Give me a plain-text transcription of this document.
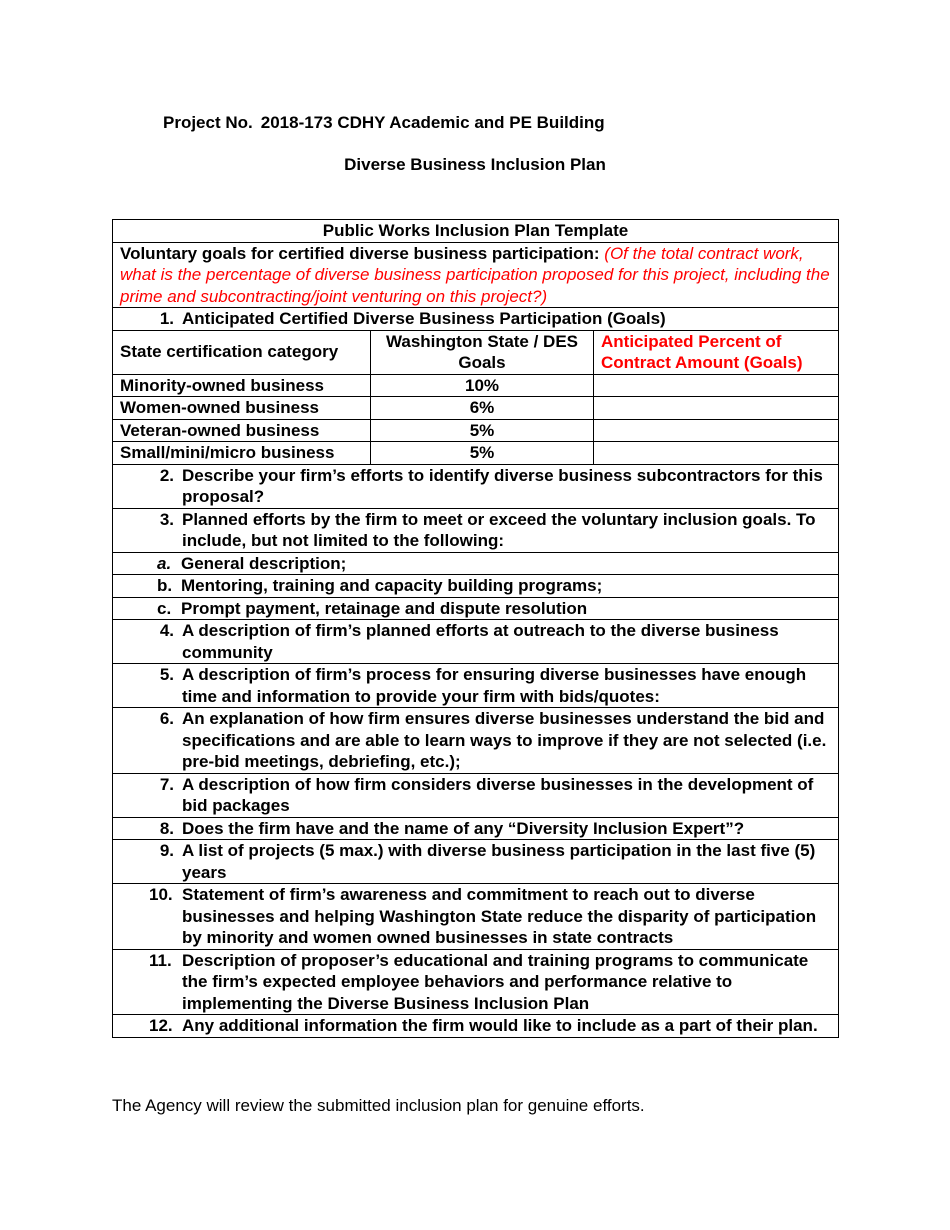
Project No. 2018-173 CDHY Academic and PE Building
Diverse Business Inclusion Plan
Public Works Inclusion Plan Template		
Voluntary goals for certified diverse business participation: (Of the total contract work, what is the percentage of diverse business participation proposed for this project, including the prime and subcontracting/joint venturing on this project?)		

1. Anticipated Certified Diverse Business Participation (Goals)		

State certification category	Washington State / DES Goals	Anticipated Percent of Contract Amount (Goals)
Minority-owned business	10%	
Women-owned business	6%	
Veteran-owned business	5%	
Small/mini/micro business	5%	

2. Describe your firm’s efforts to identify diverse business subcontractors for this proposal?		

3. Planned efforts by the firm to meet or exceed the voluntary inclusion goals. To include, but not limited to the following:		

a. General description;		

b. Mentoring, training and capacity building programs;		

c. Prompt payment, retainage and dispute resolution		

4. A description of firm’s planned efforts at outreach to the diverse business community		

5. A description of firm’s process for ensuring diverse businesses have enough time and information to provide your firm with bids/quotes:		

6. An explanation of how firm ensures diverse businesses understand the bid and specifications and are able to learn ways to improve if they are not selected (i.e. pre-bid meetings, debriefing, etc.);		

7. A description of how firm considers diverse businesses in the development of bid packages		

8. Does the firm have and the name of any “Diversity Inclusion Expert”?		

9. A list of projects (5 max.) with diverse business participation in the last five (5) years		

10. Statement of firm’s awareness and commitment to reach out to diverse businesses and helping Washington State reduce the disparity of participation by minority and women owned businesses in state contracts		

11. Description of proposer’s educational and training programs to communicate the firm’s expected employee behaviors and performance relative to implementing the Diverse Business Inclusion Plan		

12. Any additional information the firm would like to include as a part of their plan.		
The Agency will review the submitted inclusion plan for genuine efforts.
